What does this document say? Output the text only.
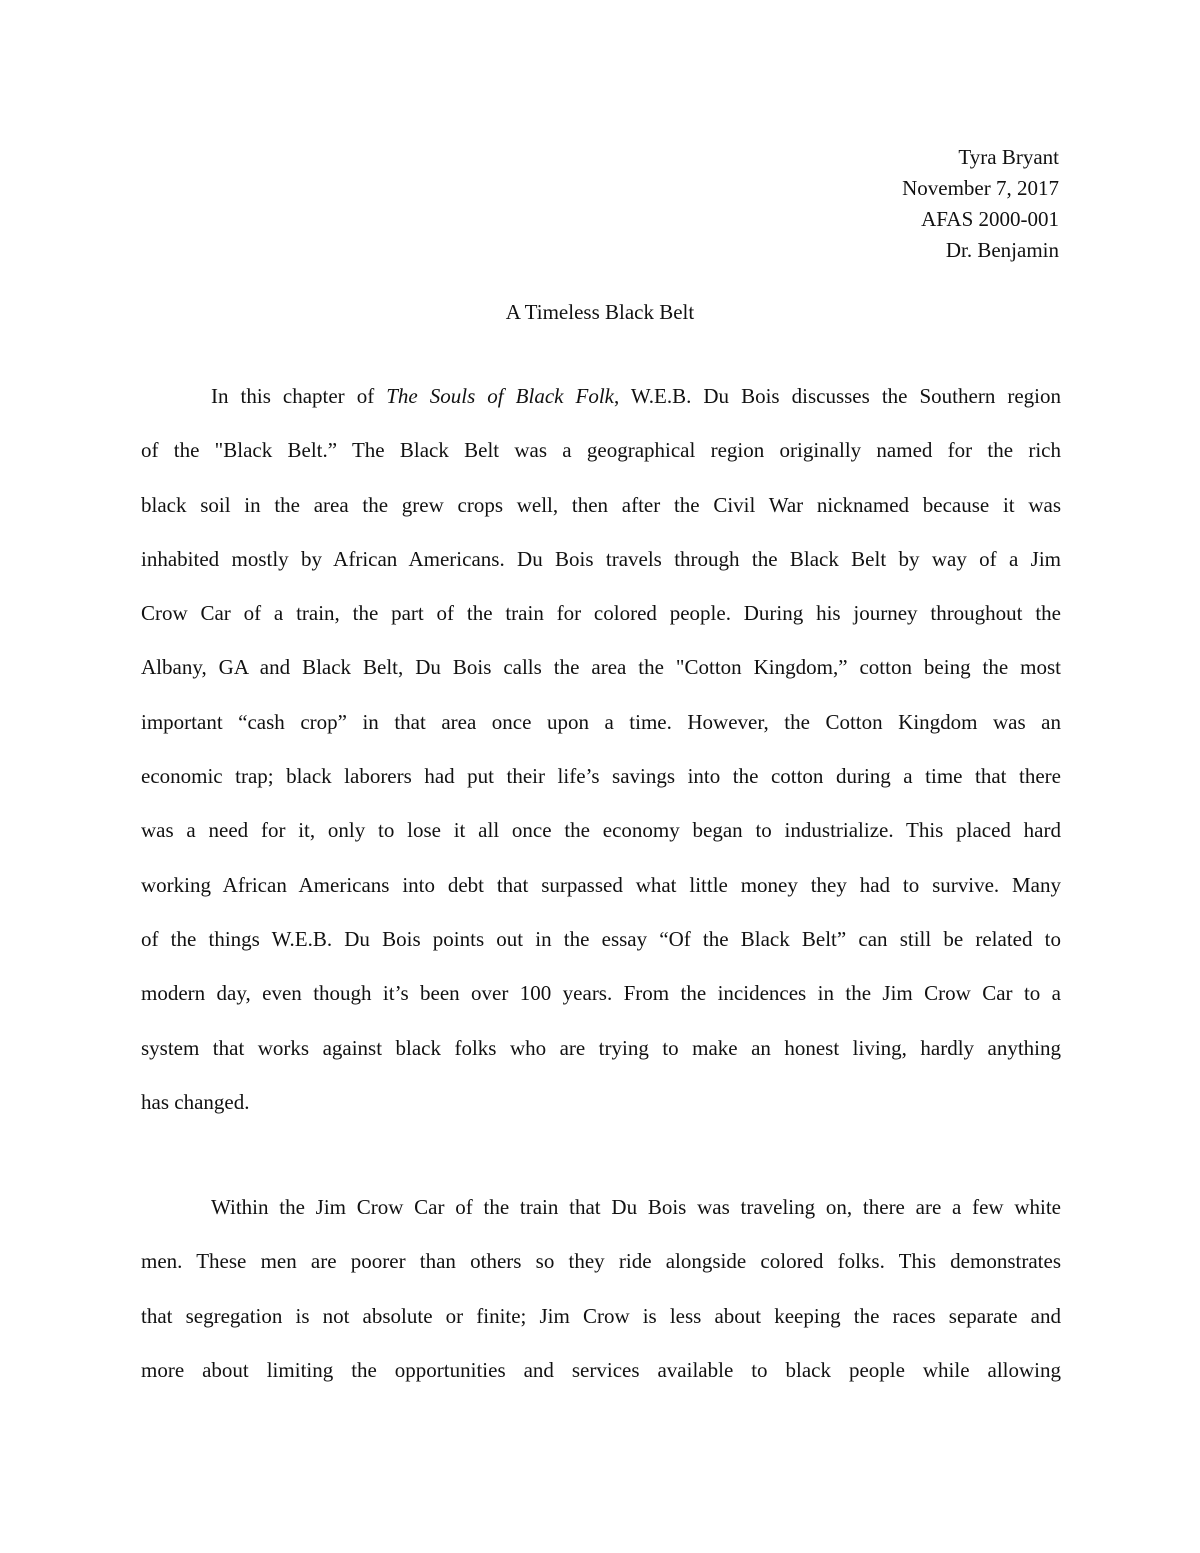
Tyra Bryant
November 7, 2017
AFAS 2000-001
Dr. Benjamin
A Timeless Black Belt
In this chapter of The Souls of Black Folk, W.E.B. Du Bois discusses the Southern region
of the "Black Belt.” The Black Belt was a geographical region originally named for the rich
black soil in the area the grew crops well, then after the Civil War nicknamed because it was
inhabited mostly by African Americans. Du Bois travels through the Black Belt by way of a Jim
Crow Car of a train, the part of the train for colored people. During his journey throughout the
Albany, GA and Black Belt, Du Bois calls the area the "Cotton Kingdom,” cotton being the most
important “cash crop” in that area once upon a time. However, the Cotton Kingdom was an
economic trap; black laborers had put their life’s savings into the cotton during a time that there
was a need for it, only to lose it all once the economy began to industrialize. This placed hard
working African Americans into debt that surpassed what little money they had to survive. Many
of the things W.E.B. Du Bois points out in the essay “Of the Black Belt” can still be related to
modern day, even though it’s been over 100 years. From the incidences in the Jim Crow Car to a
system that works against black folks who are trying to make an honest living, hardly anything
has changed.
Within the Jim Crow Car of the train that Du Bois was traveling on, there are a few white
men. These men are poorer than others so they ride alongside colored folks. This demonstrates
that segregation is not absolute or finite; Jim Crow is less about keeping the races separate and
more about limiting the opportunities and services available to black people while allowing
